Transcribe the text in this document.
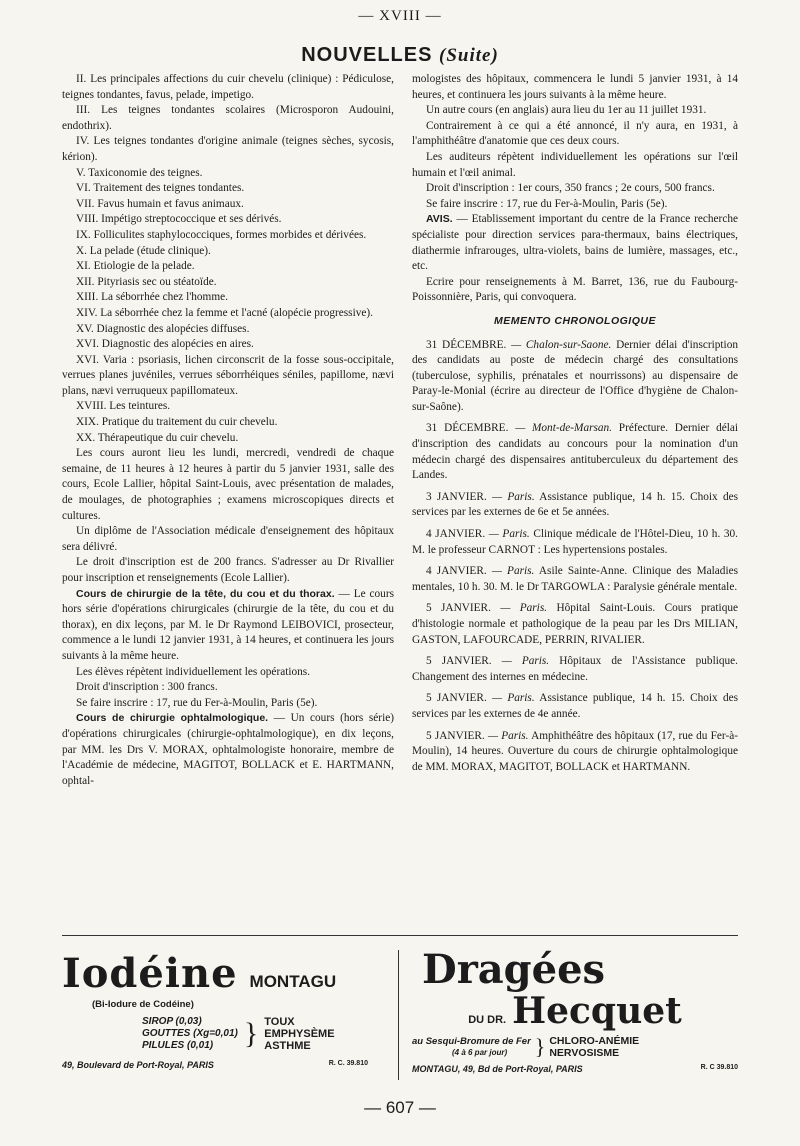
— XVIII —
NOUVELLES (Suite)

II. Les principales affections du cuir chevelu (clinique) : Pédiculose, teignes tondantes, favus, pelade, impetigo.

III. Les teignes tondantes scolaires (Microsporon Audouini, endothrix).

IV. Les teignes tondantes d'origine animale (teignes sèches, sycosis, kérion).

V. Taxiconomie des teignes.

VI. Traitement des teignes tondantes.

VII. Favus humain et favus animaux.

VIII. Impétigo streptococcique et ses dérivés.

IX. Folliculites staphylococciques, formes morbides et dérivées.

X. La pelade (étude clinique).

XI. Etiologie de la pelade.

XII. Pityriasis sec ou stéatoïde.

XIII. La séborrhée chez l'homme.

XIV. La séborrhée chez la femme et l'acné (alopécie progressive).

XV. Diagnostic des alopécies diffuses.

XVI. Diagnostic des alopécies en aires.

XVI. Varia : psoriasis, lichen circonscrit de la fosse sous-occipitale, verrues planes juvéniles, verrues séborrhéiques séniles, papillome, nævi plans, nævi verruqueux papillomateux.

XVIII. Les teintures.

XIX. Pratique du traitement du cuir chevelu.

XX. Thérapeutique du cuir chevelu.

Les cours auront lieu les lundi, mercredi, vendredi de chaque semaine, de 11 heures à 12 heures à partir du 5 janvier 1931, salle des cours, Ecole Lallier, hôpital Saint-Louis, avec présentation de malades, de moulages, de photographies ; examens microscopiques directs et cultures.

Un diplôme de l'Association médicale d'enseignement des hôpitaux sera délivré.

Le droit d'inscription est de 200 francs. S'adresser au Dr Rivallier pour inscription et renseignements (Ecole Lallier).

Cours de chirurgie de la tête, du cou et du thorax. — Le cours hors série d'opérations chirurgicales (chirurgie de la tête, du cou et du thorax), en dix leçons, par M. le Dr Raymond LEIBOVICI, prosecteur, commence a le lundi 12 janvier 1931, à 14 heures, et continuera les jours suivants à la même heure.

Les élèves répètent individuellement les opérations.

Droit d'inscription : 300 francs.

Se faire inscrire : 17, rue du Fer-à-Moulin, Paris (5e).

Cours de chirurgie ophtalmologique. — Un cours (hors série) d'opérations chirurgicales (chirurgie-ophtalmologique), en dix leçons, par MM. les Drs V. MORAX, ophtalmologiste honoraire, membre de l'Académie de médecine, MAGITOT, BOLLACK et E. HARTMANN, ophtal-

mologistes des hôpitaux, commencera le lundi 5 janvier 1931, à 14 heures, et continuera les jours suivants à la même heure.

Un autre cours (en anglais) aura lieu du 1er au 11 juillet 1931.

Contrairement à ce qui a été annoncé, il n'y aura, en 1931, à l'amphithéâtre d'anatomie que ces deux cours.

Les auditeurs répètent individuellement les opérations sur l'œil humain et l'œil animal.

Droit d'inscription : 1er cours, 350 francs ; 2e cours, 500 francs.

Se faire inscrire : 17, rue du Fer-à-Moulin, Paris (5e).

AVIS. — Etablissement important du centre de la France recherche spécialiste pour direction services para-thermaux, bains électriques, diathermie infrarouges, ultra-violets, bains de lumière, massages, etc., etc.

Ecrire pour renseignements à M. Barret, 136, rue du Faubourg-Poissonnière, Paris, qui convoquera.

MEMENTO CHRONOLOGIQUE

31 DÉCEMBRE. — Chalon-sur-Saone. Dernier délai d'inscription des candidats au poste de médecin chargé des consultations (tuberculose, syphilis, prénatales et nourrissons) au dispensaire de Paray-le-Monial (écrire au directeur de l'Office d'hygiène de Chalon-sur-Saône).

31 DÉCEMBRE. — Mont-de-Marsan. Préfecture. Dernier délai d'inscription des candidats au concours pour la nomination d'un médecin chargé des dispensaires antituberculeux du département des Landes.

3 JANVIER. — Paris. Assistance publique, 14 h. 15. Choix des services par les externes de 6e et 5e années.

4 JANVIER. — Paris. Clinique médicale de l'Hôtel-Dieu, 10 h. 30. M. le professeur CARNOT : Les hypertensions postales.

4 JANVIER. — Paris. Asile Sainte-Anne. Clinique des Maladies mentales, 10 h. 30. M. le Dr TARGOWLA : Paralysie générale mentale.

5 JANVIER. — Paris. Hôpital Saint-Louis. Cours pratique d'histologie normale et pathologique de la peau par les Drs MILIAN, GASTON, LAFOURCADE, PERRIN, RIVALIER.

5 JANVIER. — Paris. Hôpitaux de l'Assistance publique. Changement des internes en médecine.

5 JANVIER. — Paris. Assistance publique, 14 h. 15. Choix des services par les externes de 4e année.

5 JANVIER. — Paris. Amphithéâtre des hôpitaux (17, rue du Fer-à-Moulin), 14 heures. Ouverture du cours de chirurgie ophtalmologique de MM. MORAX, MAGITOT, BOLLACK et HARTMANN.

Iodéine MONTAGU
(Bi-Iodure de Codéine)
SIROP (0,03)
GOUTTES (Xg=0,01)
PILULES (0,01)	} TOUX
EMPHYSÈME
ASTHME
49, Boulevard de Port-Royal, PARIS	R. C. 39.810
Dragées
DU DR. Hecquet
au Sesqui-Bromure de Fer
(4 à 6 par jour)	} CHLORO-ANÉMIE
NERVOSISME
MONTAGU, 49, Bd de Port-Royal, PARIS	R. C 39.810
— 607 —
